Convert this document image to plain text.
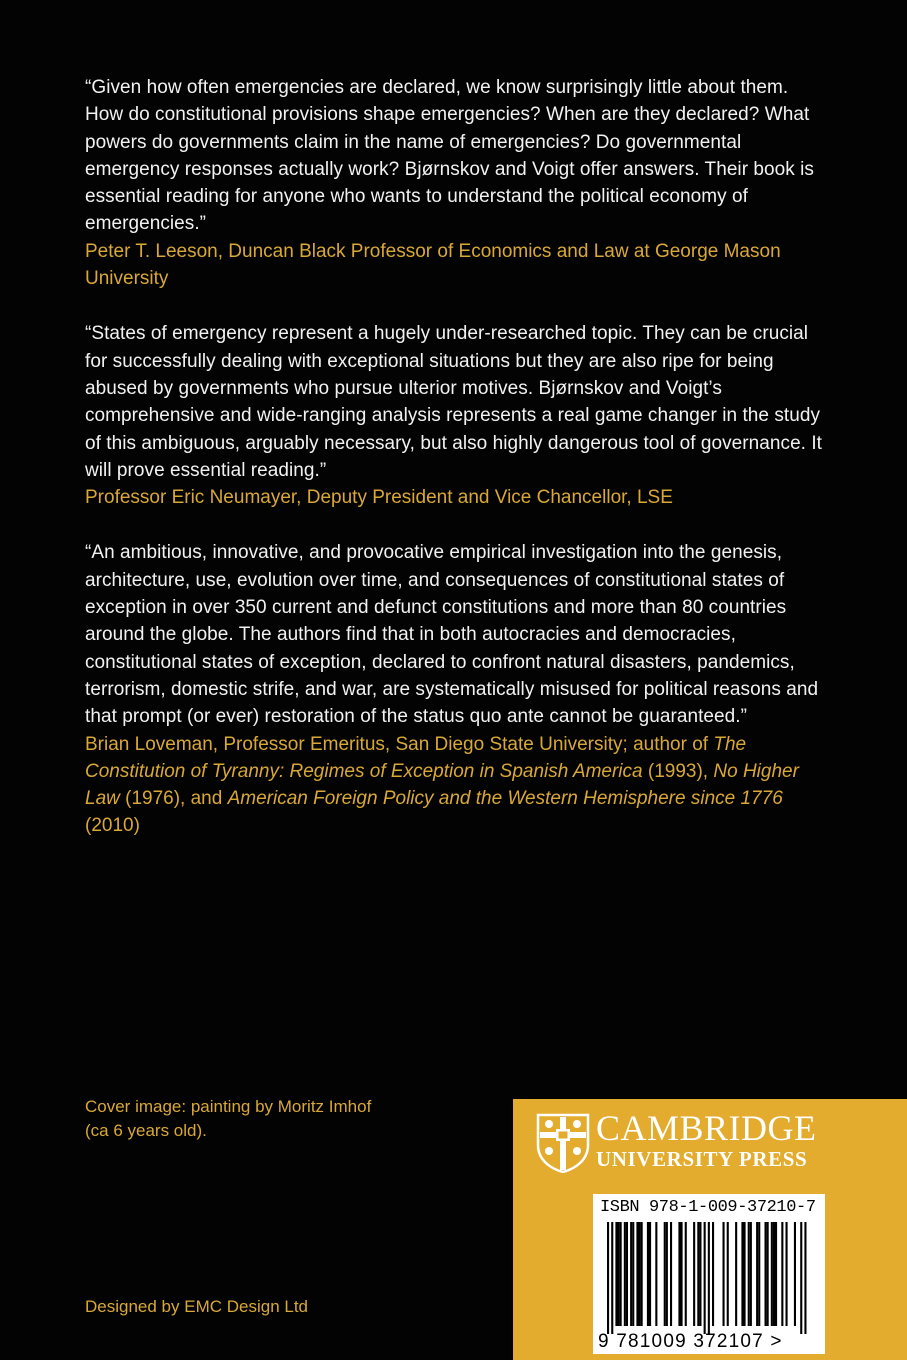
“Given how often emergencies are declared, we know surprisingly little about them. How do constitutional provisions shape emergencies? When are they declared? What powers do governments claim in the name of emergencies? Do governmental emergency responses actually work? Bjørnskov and Voigt offer answers. Their book is essential reading for anyone who wants to understand the political economy of emergencies.”

Peter T. Leeson, Duncan Black Professor of Economics and Law at George Mason University

“States of emergency represent a hugely under-researched topic. They can be crucial for successfully dealing with exceptional situations but they are also ripe for being abused by governments who pursue ulterior motives. Bjørnskov and Voigt’s comprehensive and wide-ranging analysis represents a real game changer in the study of this ambiguous, arguably necessary, but also highly dangerous tool of governance. It will prove essential reading.”

Professor Eric Neumayer, Deputy President and Vice Chancellor, LSE

“An ambitious, innovative, and provocative empirical investigation into the genesis, architecture, use, evolution over time, and consequences of constitutional states of exception in over 350 current and defunct constitutions and more than 80 countries around the globe. The authors find that in both autocracies and democracies, constitutional states of exception, declared to confront natural disasters, pandemics, terrorism, domestic strife, and war, are systematically misused for political reasons and that prompt (or ever) restoration of the status quo ante cannot be guaranteed.”

Brian Loveman, Professor Emeritus, San Diego State University; author of The Constitution of Tyranny: Regimes of Exception in Spanish America (1993), No Higher Law (1976), and American Foreign Policy and the Western Hemisphere since 1776 (2010)

Cover image: painting by Moritz Imhof

(ca 6 years old).

Designed by EMC Design Ltd

CAMBRIDGE

UNIVERSITY PRESS

ISBN 978-1-009-37210-7
9 781009 372107 >
